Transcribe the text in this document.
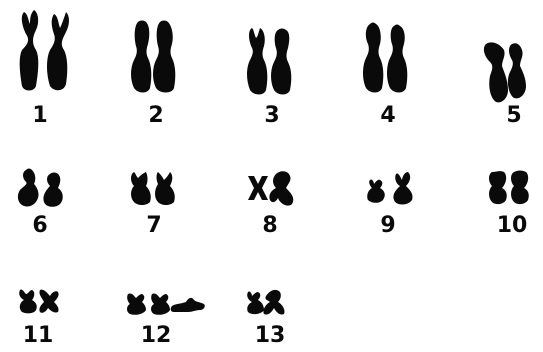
1	2	3	4	5
6	7	8	9	10
11	12	13
